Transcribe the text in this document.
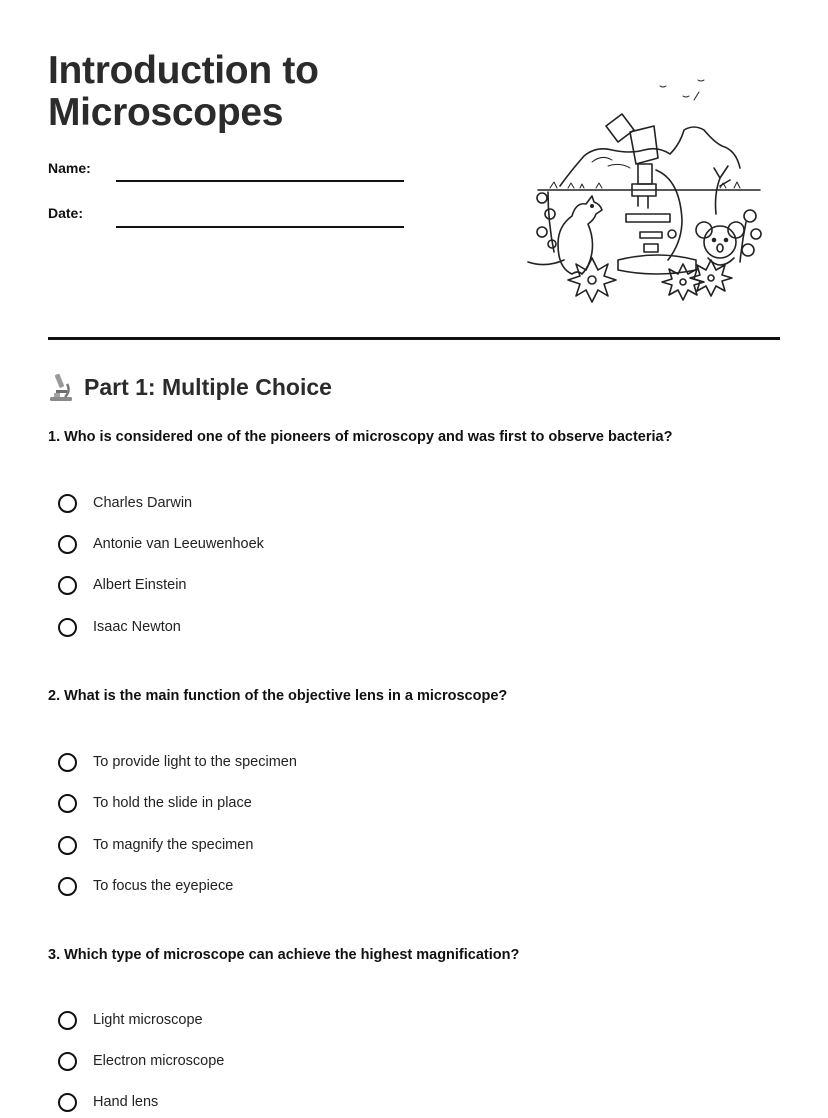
Introduction to
Microscopes
Name:
Date:
Part 1: Multiple Choice
1. Who is considered one of the pioneers of microscopy and was first to observe bacteria?
Charles Darwin
Antonie van Leeuwenhoek
Albert Einstein
Isaac Newton
2. What is the main function of the objective lens in a microscope?
To provide light to the specimen
To hold the slide in place
To magnify the specimen
To focus the eyepiece
3. Which type of microscope can achieve the highest magnification?
Light microscope
Electron microscope
Hand lens
